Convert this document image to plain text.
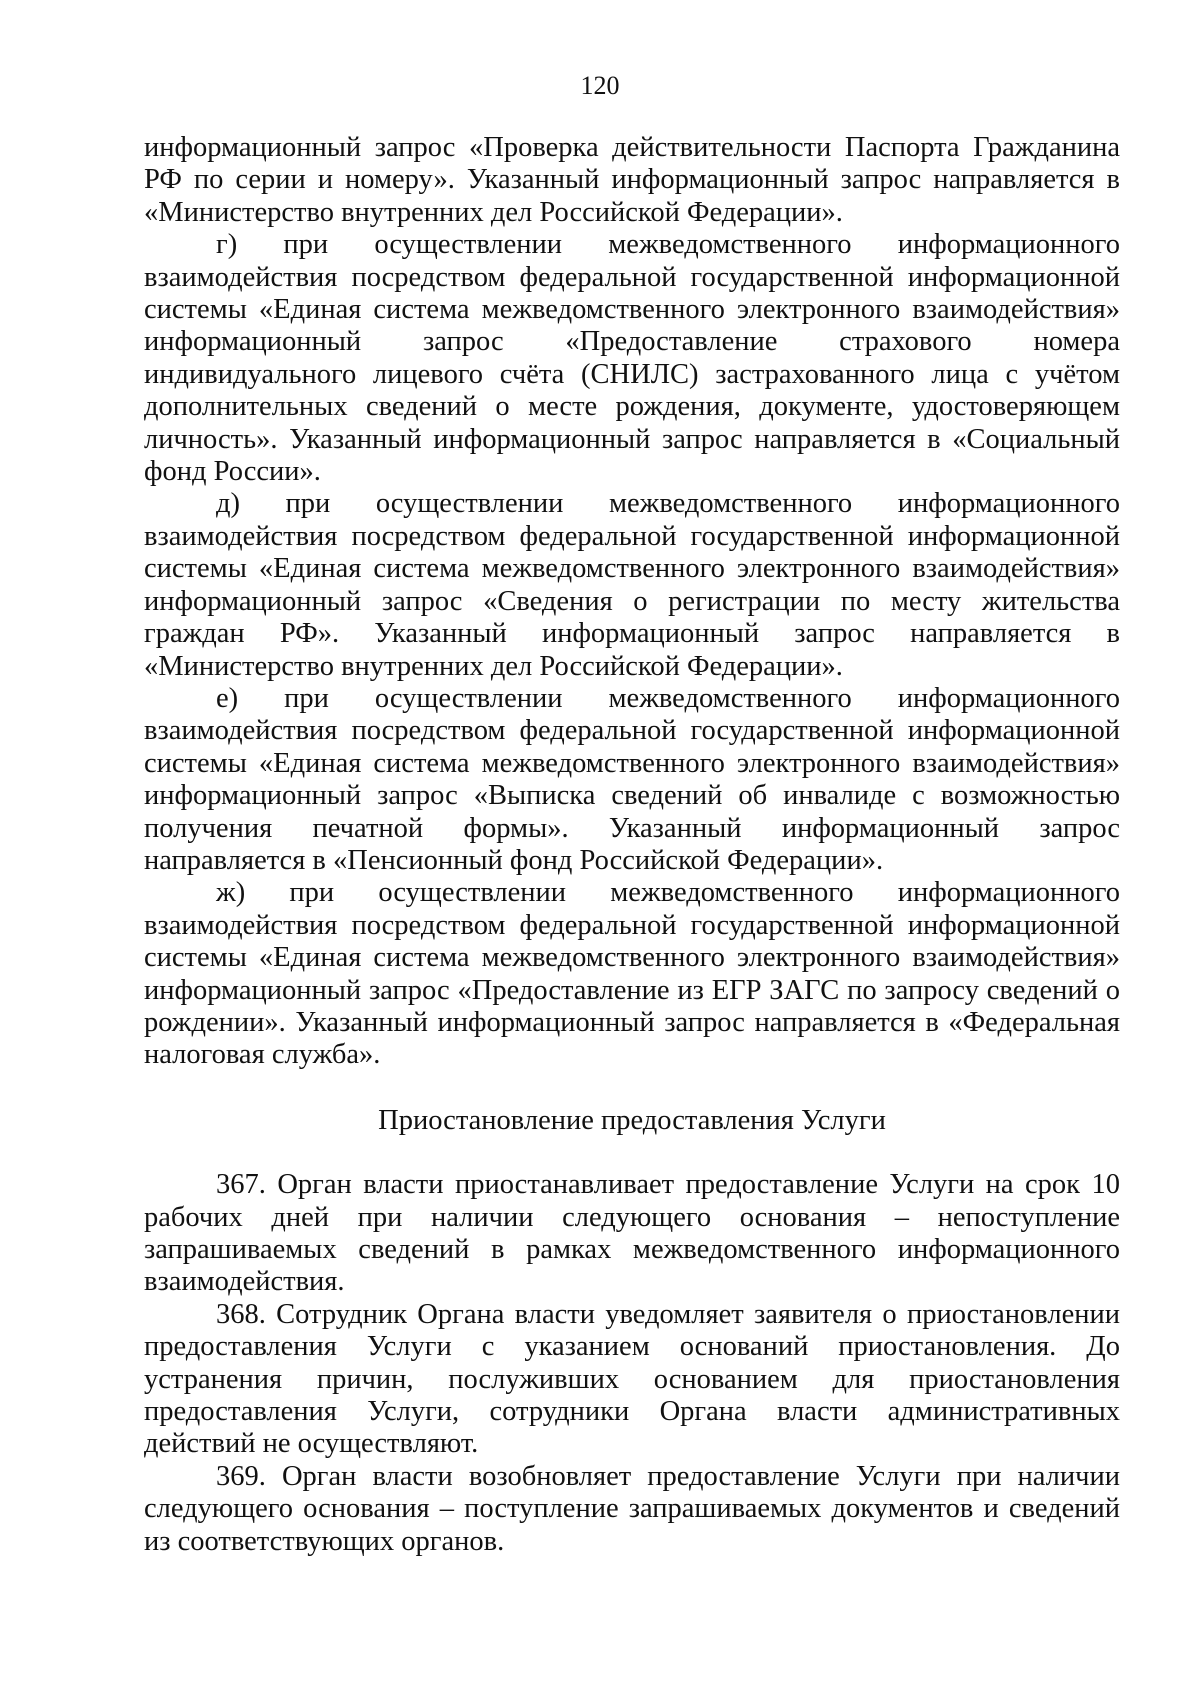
120

информационный запрос «Проверка действительности Паспорта Гражданина РФ по серии и номеру». Указанный информационный запрос направляется в «Министерство внутренних дел Российской Федерации».

г) при осуществлении межведомственного информационного взаимодействия посредством федеральной государственной информационной системы «Единая система межведомственного электронного взаимодействия» информационный запрос «Предоставление страхового номера индивидуального лицевого счёта (СНИЛС) застрахованного лица с учётом дополнительных сведений о месте рождения, документе, удостоверяющем личность». Указанный информационный запрос направляется в «Социальный фонд России».

д) при осуществлении межведомственного информационного взаимодействия посредством федеральной государственной информационной системы «Единая система межведомственного электронного взаимодействия» информационный запрос «Сведения о регистрации по месту жительства граждан РФ». Указанный информационный запрос направляется в «Министерство внутренних дел Российской Федерации».

е) при осуществлении межведомственного информационного взаимодействия посредством федеральной государственной информационной системы «Единая система межведомственного электронного взаимодействия» информационный запрос «Выписка сведений об инвалиде с возможностью получения печатной формы». Указанный информационный запрос направляется в «Пенсионный фонд Российской Федерации».

ж) при осуществлении межведомственного информационного взаимодействия посредством федеральной государственной информационной системы «Единая система межведомственного электронного взаимодействия» информационный запрос «Предоставление из ЕГР ЗАГС по запросу сведений о рождении». Указанный информационный запрос направляется в «Федеральная налоговая служба».

Приостановление предоставления Услуги

367. Орган власти приостанавливает предоставление Услуги на срок 10 рабочих дней при наличии следующего основания – непоступление запрашиваемых сведений в рамках межведомственного информационного взаимодействия.

368. Сотрудник Органа власти уведомляет заявителя о приостановлении предоставления Услуги с указанием оснований приостановления. До устранения причин, послуживших основанием для приостановления предоставления Услуги, сотрудники Органа власти административных действий не осуществляют.

369. Орган власти возобновляет предоставление Услуги при наличии следующего основания – поступление запрашиваемых документов и сведений из соответствующих органов.
